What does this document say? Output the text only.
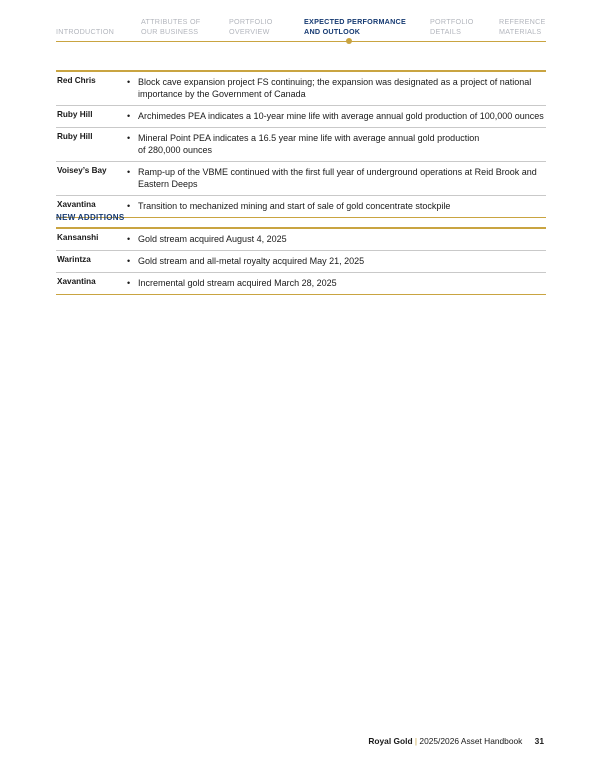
INTRODUCTION
ATTRIBUTES OF
OUR BUSINESS
PORTFOLIO
OVERVIEW
EXPECTED PERFORMANCE
AND OUTLOOK
PORTFOLIO
DETAILS
REFERENCE
MATERIALS
Red Chris	• Block cave expansion project FS continuing; the expansion was designated as a project of national importance by the Government of Canada
Ruby Hill	• Archimedes PEA indicates a 10-year mine life with average annual gold production of 100,000 ounces
Ruby Hill	• Mineral Point PEA indicates a 16.5 year mine life with average annual gold production of 280,000 ounces
Voisey’s Bay • Ramp-up of the VBME continued with the first full year of underground operations at Reid Brook and Eastern Deeps
Xavantina	• Transition to mechanized mining and start of sale of gold concentrate stockpile
NEW ADDITIONS
Kansanshi	• Gold stream acquired August 4, 2025
Warintza	• Gold stream and all-metal royalty acquired May 21, 2025
Xavantina	• Incremental gold stream acquired March 28, 2025
Royal Gold | 2025/2026 Asset Handbook 31
